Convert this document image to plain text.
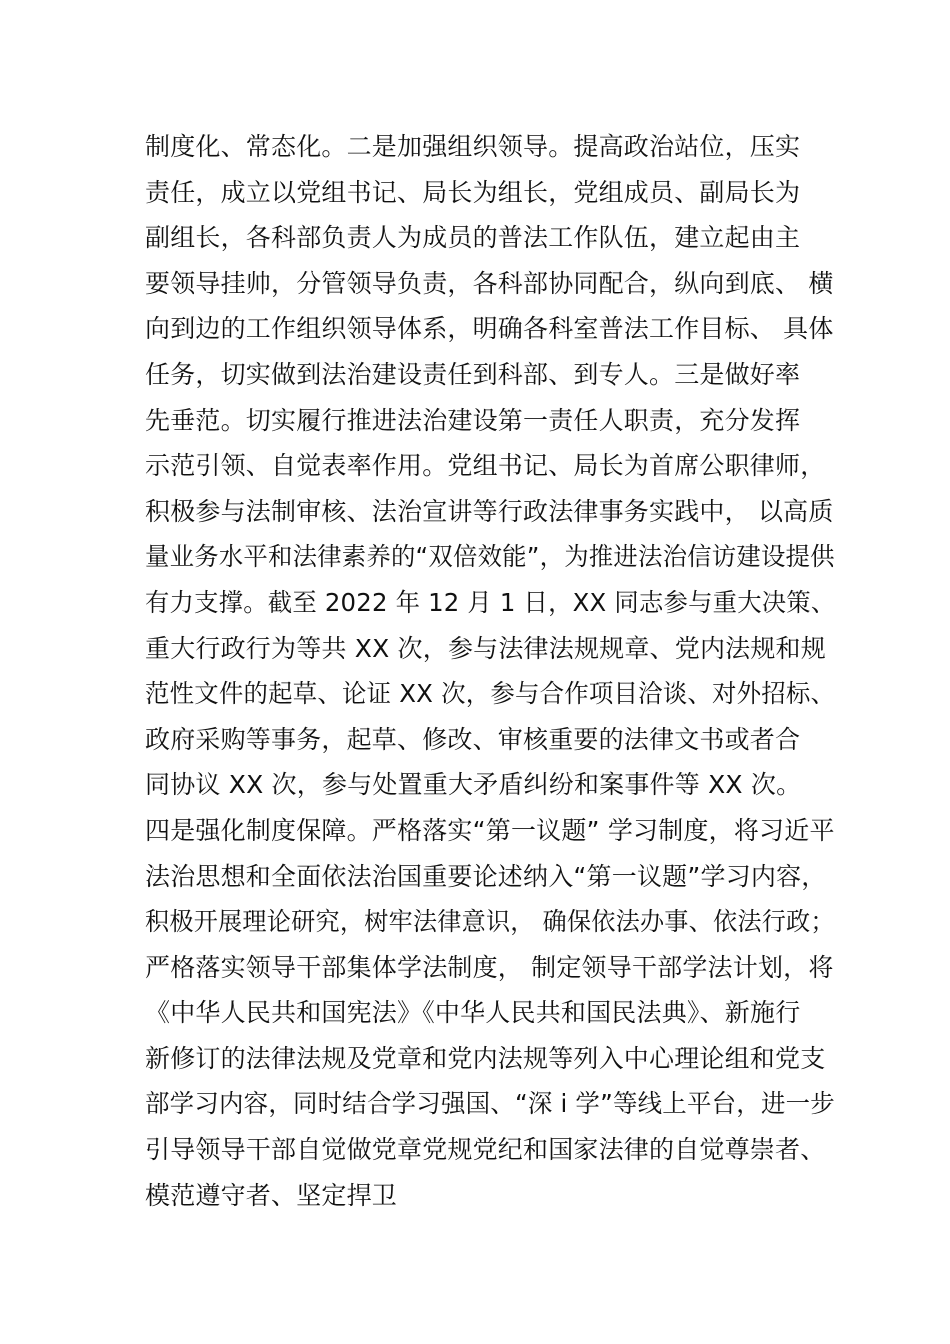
制度化、常态化。二是加强组织领导。提高政治站位，压实
责任，成立以党组书记、局长为组长，党组成员、副局长为
副组长，各科部负责人为成员的普法工作队伍，建立起由主
要领导挂帅，分管领导负责，各科部协同配合，纵向到底、 横
向到边的工作组织领导体系，明确各科室普法工作目标、 具体
任务，切实做到法治建设责任到科部、到专人。三是做好率
先垂范。切实履行推进法治建设第一责任人职责，充分发挥
示范引领、自觉表率作用。党组书记、局长为首席公职律师，
积极参与法制审核、法治宣讲等行政法律事务实践中， 以高质
量业务水平和法律素养的“双倍效能”，为推进法治信访建设提供
有力支撑。截至 2022 年 12 月 1 日，XX 同志参与重大决策、
重大行政行为等共 XX 次，参与法律法规规章、党内法规和规
范性文件的起草、论证 XX 次，参与合作项目洽谈、对外招标、
政府采购等事务，起草、修改、审核重要的法律文书或者合
同协议 XX 次，参与处置重大矛盾纠纷和案事件等 XX 次。
四是强化制度保障。严格落实“第一议题” 学习制度，将习近平
法治思想和全面依法治国重要论述纳入“第一议题”学习内容，
积极开展理论研究，树牢法律意识， 确保依法办事、依法行政；
严格落实领导干部集体学法制度， 制定领导干部学法计划，将
《中华人民共和国宪法》《中华人民共和国民法典》、新施行
新修订的法律法规及党章和党内法规等列入中心理论组和党支
部学习内容，同时结合学习强国、“深 i 学”等线上平台，进一步
引导领导干部自觉做党章党规党纪和国家法律的自觉尊崇者、
模范遵守者、坚定捍卫
